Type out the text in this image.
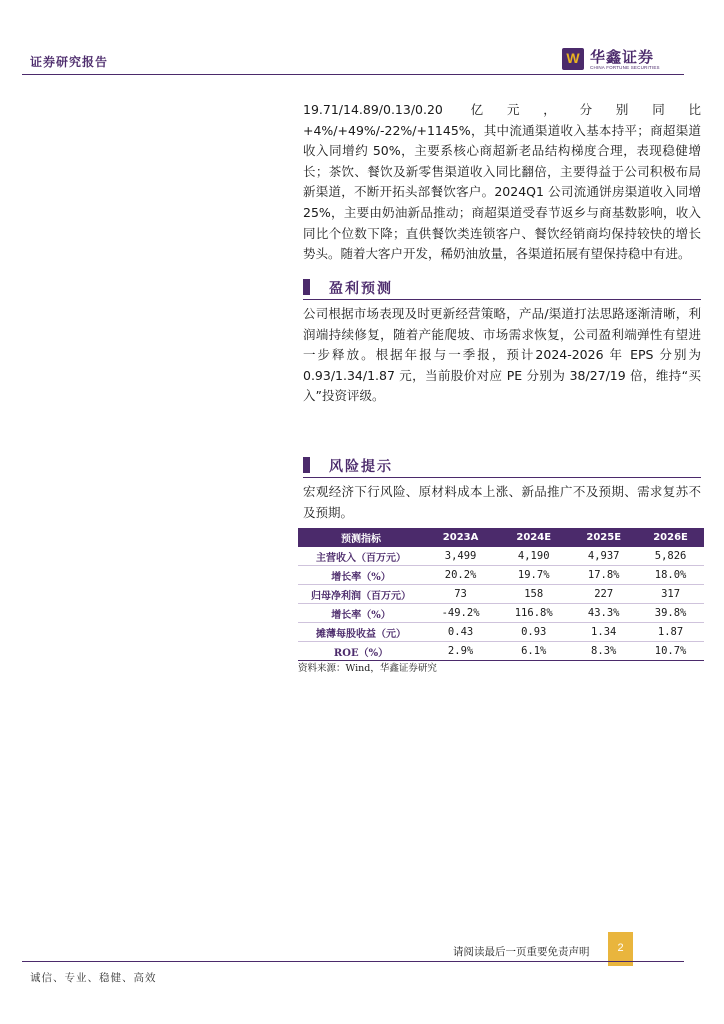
证券研究报告 W	华鑫证券
CHINA FORTUNE SECURITIES
19.71/14.89/0.13/0.20 亿元，分别同比+4%/+49%/-22%/+1145%，其中流通渠道收入基本持平；商超渠道收入同增约 50%，主要系核心商超新老品结构梯度合理，表现稳健增长；茶饮、餐饮及新零售渠道收入同比翻倍，主要得益于公司积极布局新渠道，不断开拓头部餐饮客户。2024Q1 公司流通饼房渠道收入同增 25%，主要由奶油新品推动；商超渠道受春节返乡与商基数影响，收入同比个位数下降；直供餐饮类连锁客户、餐饮经销商均保持较快的增长势头。随着大客户开发，稀奶油放量，各渠道拓展有望保持稳中有进。
盈利预测
公司根据市场表现及时更新经营策略，产品/渠道打法思路逐渐清晰，利润端持续修复，随着产能爬坡、市场需求恢复，公司盈利端弹性有望进一步释放。根据年报与一季报，预计2024-2026 年 EPS 分别为 0.93/1.34/1.87 元，当前股价对应 PE 分别为 38/27/19 倍，维持“买入”投资评级。
风险提示
宏观经济下行风险、原材料成本上涨、新品推广不及预期、需求复苏不及预期。
预测指标	2023A	2024E	2025E	2026E
主营收入（百万元）	3,499	4,190	4,937	5,826
增长率（%）	20.2%	19.7%	17.8%	18.0%
归母净利润（百万元）	73	158	227	317
增长率（%）	-49.2%	116.8%	43.3%	39.8%
摊薄每股收益（元）	0.43	0.93	1.34	1.87
ROE（%）	2.9%	6.1%	8.3%	10.7%
资料来源：Wind，华鑫证券研究
请阅读最后一页重要免责声明	2
诚信、专业、稳健、高效
